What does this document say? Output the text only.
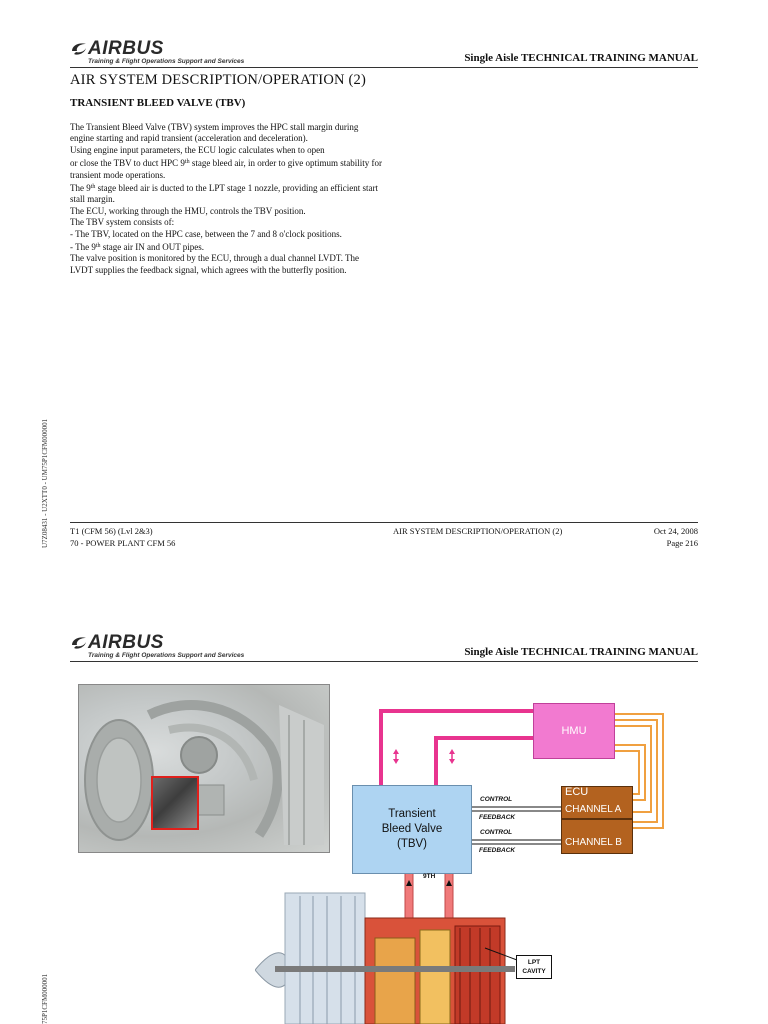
AIRBUS
Training & Flight Operations Support and Services	Single Aisle TECHNICAL TRAINING MANUAL
AIR SYSTEM DESCRIPTION/OPERATION (2)
TRANSIENT BLEED VALVE (TBV)

The Transient Bleed Valve (TBV) system improves the HPC stall margin during engine starting and rapid transient (acceleration and deceleration).

Using engine input parameters, the ECU logic calculates when to open

or close the TBV to duct HPC 9th stage bleed air, in order to give optimum stability for transient mode operations.

The 9th stage bleed air is ducted to the LPT stage 1 nozzle, providing an efficient start stall margin.

The ECU, working through the HMU, controls the TBV position.

The TBV system consists of:

- The TBV, located on the HPC case, between the 7 and 8 o'clock positions.

- The 9th stage air IN and OUT pipes.

The valve position is monitored by the ECU, through a dual channel LVDT. The LVDT supplies the feedback signal, which agrees with the butterfly position.

U7Z08431 - U2XTT0 - UM75P1CFM000001 T1 (CFM 56) (Lvl 2&3)
70 - POWER PLANT CFM 56
AIR SYSTEM DESCRIPTION/OPERATION (2)	Oct 24, 2008
Page 216
AIRBUS
Training & Flight Operations Support and Services	Single Aisle TECHNICAL TRAINING MANUAL
75P1CFM000001
HMU
Transient
Bleed Valve
(TBV)
ECU
CHANNEL A
CHANNEL B
CONTROL
FEEDBACK
CONTROL
FEEDBACK
9TH
LPT
CAVITY
